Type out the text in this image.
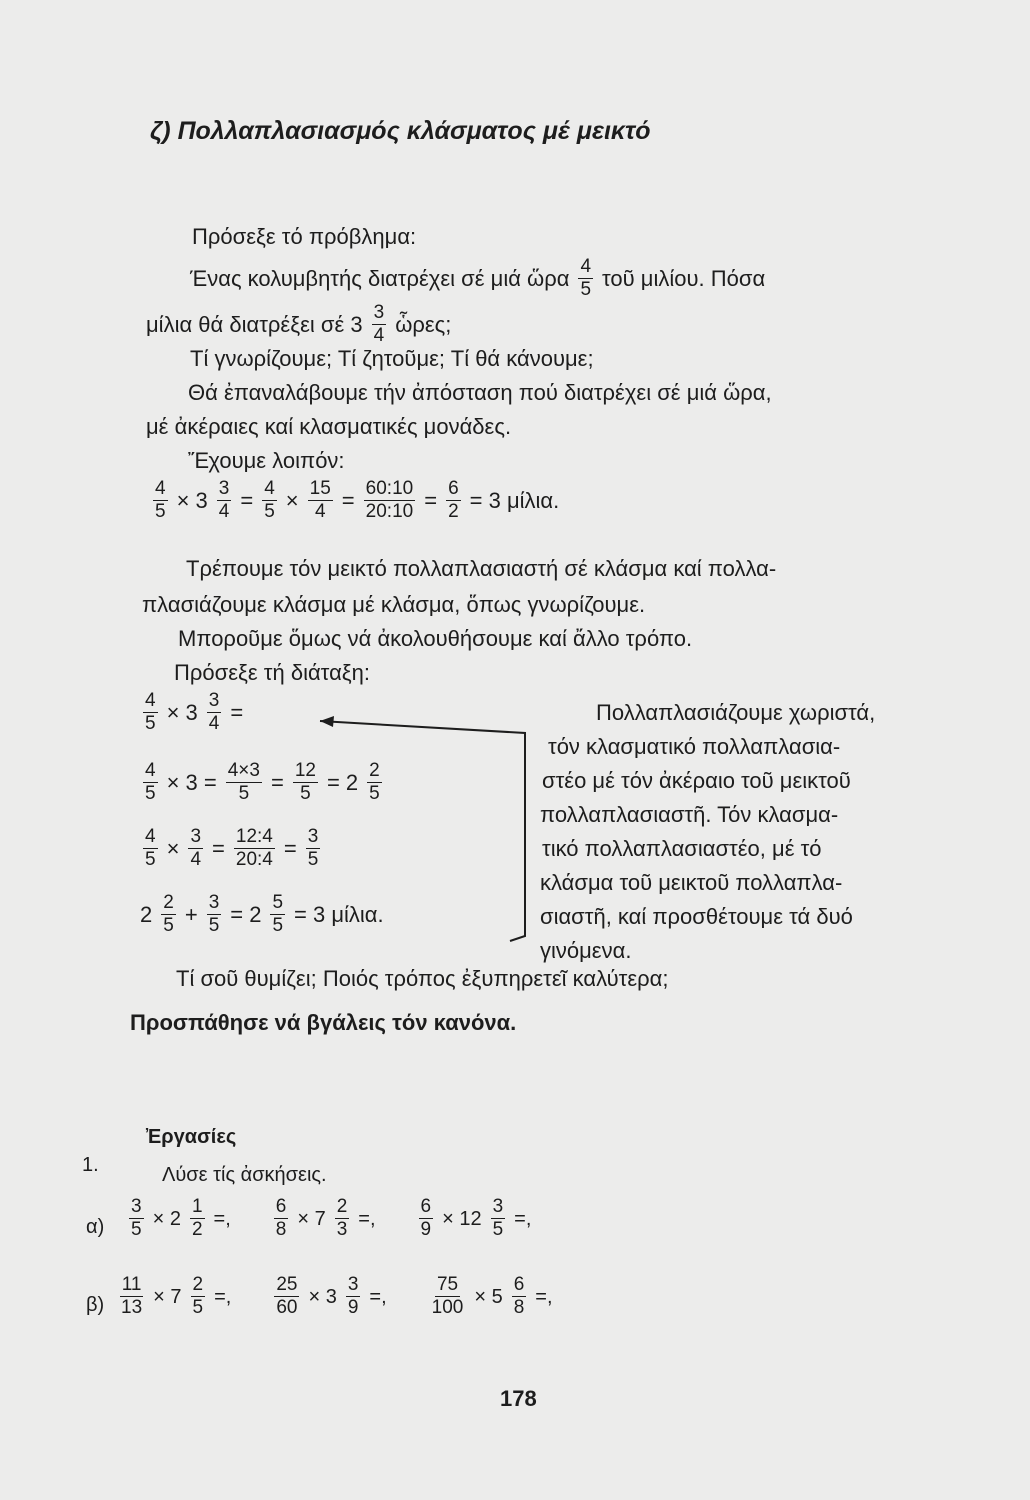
ζ) Πολλαπλασιασμός κλάσματος μέ μεικτό
Πρόσεξε τό πρόβλημα:
Ένας κολυμβητής διατρέχει σέ μιά ὥρα $\frac{4}{5}$ τοῦ μιλίου. Πόσα
μίλια θά διατρέξει σέ $3 \frac{3}{4}$ ὧρες;
Τί γνωρίζουμε; Τί ζητοῦμε; Τί θά κάνουμε;
Θά ἐπαναλάβουμε τήν ἀπόσταση πού διατρέχει σέ μιά ὥρα,
μέ ἀκέραιες καί κλασματικές μονάδες.
Ἔχουμε λοιπόν:
$\frac{4}{5} \times 3 \frac{3}{4} = \frac{4}{5} \times \frac{15}{4} = \frac{60:10}{20:10} = \frac{6}{2} = 3$ μίλια.
Τρέπουμε τόν μεικτό πολλαπλασιαστή σέ κλάσμα καί πολλα-
πλασιάζουμε κλάσμα μέ κλάσμα, ὅπως γνωρίζουμε.
Μποροῦμε ὅμως νά ἀκολουθήσουμε καί ἄλλο τρόπο.
Πρόσεξε τή διάταξη:
$\frac{4}{5} \times 3 \frac{3}{4}$ =
$\frac{4}{5} \times 3 = \frac{4\times 3}{5} = \frac{12}{5} = 2 \frac{2}{5}$
$\frac{4}{5} \times \frac{3}{4} = \frac{12:4}{20:4} = \frac{3}{5}$
$2 \frac{2}{5} + \frac{3}{5} = 2 \frac{5}{5} = 3$ μίλια.
Πολλαπλασιάζουμε χωριστά,
τόν κλασματικό πολλαπλασια-
στέο μέ τόν ἀκέραιο τοῦ μεικτοῦ
πολλαπλασιαστῆ. Τόν κλασμα-
τικό πολλαπλασιαστέο, μέ τό
κλάσμα τοῦ μεικτοῦ πολλαπλα-
σιαστῆ, καί προσθέτουμε τά δυό
γινόμενα.
Τί σοῦ θυμίζει; Ποιός τρόπος ἐξυπηρετεῖ καλύτερα;
Προσπάθησε νά βγάλεις τόν κανόνα.
Ἐργασίες
1.	Λύσε τίς ἀσκήσεις.
$\alpha) \frac{3}{5} \times 2 \frac{1}{2}$ =, $\frac{6}{8} \times 7 \frac{2}{3}$ =, $\frac{6}{9} \times 12 \frac{3}{5}$ =,
$\beta) \frac{11}{13} \times 7 \frac{2}{5}$ =, $\frac{25}{60} \times 3 \frac{3}{9}$ =, $\frac{75}{100} \times 5 \frac{6}{8}$ =,
178
